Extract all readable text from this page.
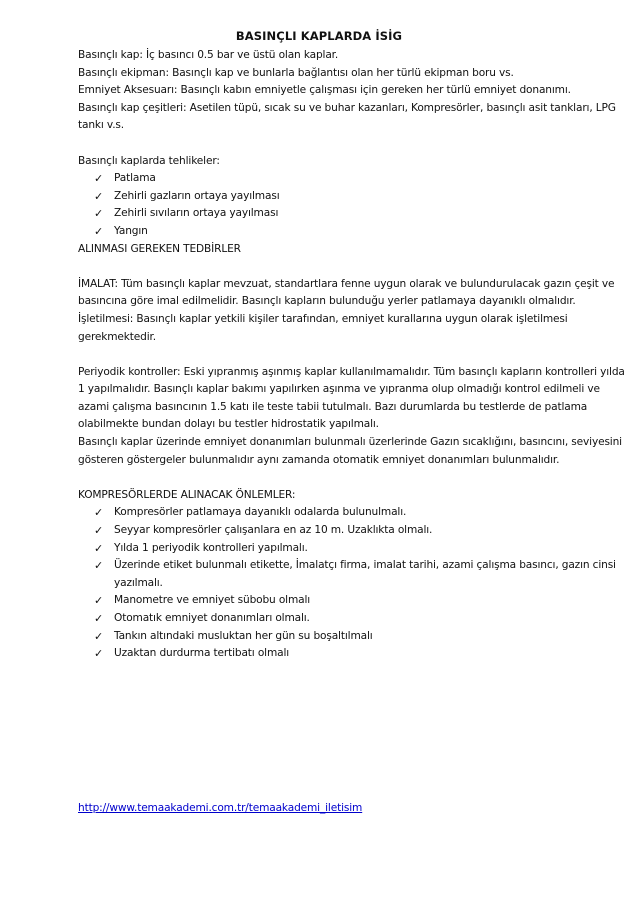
BASINÇLI KAPLARDA İSİG

Basınçlı kap: İç basıncı 0.5 bar ve üstü olan kaplar.

Basınçlı ekipman: Basınçlı kap ve bunlarla bağlantısı olan her türlü ekipman boru vs.

Emniyet Aksesuarı: Basınçlı kabın emniyetle çalışması için gereken her türlü emniyet donanımı.

Basınçlı kap çeşitleri: Asetilen tüpü, sıcak su ve buhar kazanları, Kompresörler, basınçlı asit tankları, LPG tankı v.s.

Basınçlı kaplarda tehlikeler:

✓ Patlama
✓ Zehirli gazların ortaya yayılması
✓ Zehirli sıvıların ortaya yayılması
✓ Yangın

ALINMASI GEREKEN TEDBİRLER

İMALAT: Tüm basınçlı kaplar mevzuat, standartlara fenne uygun olarak ve bulundurulacak gazın çeşit ve basıncına göre imal edilmelidir. Basınçlı kapların bulunduğu yerler patlamaya dayanıklı olmalıdır.

İşletilmesi: Basınçlı kaplar yetkili kişiler tarafından, emniyet kurallarına uygun olarak işletilmesi gerekmektedir.

Periyodik kontroller: Eski yıpranmış aşınmış kaplar kullanılmamalıdır. Tüm basınçlı kapların kontrolleri yılda 1 yapılmalıdır. Basınçlı kaplar bakımı yapılırken aşınma ve yıpranma olup olmadığı kontrol edilmeli ve azami çalışma basıncının 1.5 katı ile teste tabii tutulmalı. Bazı durumlarda bu testlerde de patlama olabilmekte bundan dolayı bu testler hidrostatik yapılmalı.

Basınçlı kaplar üzerinde emniyet donanımları bulunmalı üzerlerinde Gazın sıcaklığını, basıncını, seviyesini gösteren göstergeler bulunmalıdır aynı zamanda otomatik emniyet donanımları bulunmalıdır.

KOMPRESÖRLERDE ALINACAK ÖNLEMLER:

✓ Kompresörler patlamaya dayanıklı odalarda bulunulmalı.
✓ Seyyar kompresörler çalışanlara en az 10 m. Uzaklıkta olmalı.
✓ Yılda 1 periyodik kontrolleri yapılmalı.
✓ Üzerinde etiket bulunmalı etikette, İmalatçı firma, imalat tarihi, azami çalışma basıncı, gazın cinsi yazılmalı.
✓ Manometre ve emniyet sübobu olmalı
✓ Otomatık emniyet donanımları olmalı.
✓ Tankın altındaki musluktan her gün su boşaltılmalı
✓ Uzaktan durdurma tertibatı olmalı
http://www.temaakademi.com.tr/temaakademi_iletisim
